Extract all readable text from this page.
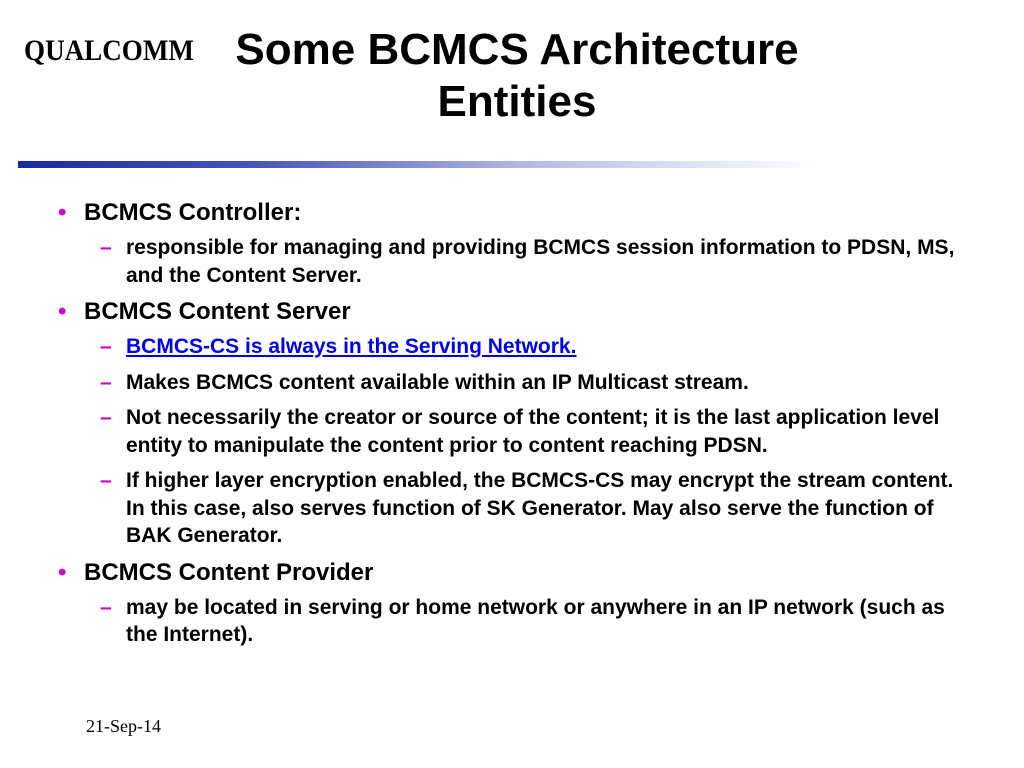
QUALCOMM Some BCMCS Architecture
Entities
• BCMCS Controller:
– responsible for managing and providing BCMCS session information to PDSN, MS, and the Content Server.
• BCMCS Content Server
– BCMCS-CS is always in the Serving Network.
– Makes BCMCS content available within an IP Multicast stream.
– Not necessarily the creator or source of the content; it is the last application level entity to manipulate the content prior to content reaching PDSN.
– If higher layer encryption enabled, the BCMCS-CS may encrypt the stream content. In this case, also serves function of SK Generator. May also serve the function of BAK Generator.
• BCMCS Content Provider
– may be located in serving or home network or anywhere in an IP network (such as the Internet).
21-Sep-14
